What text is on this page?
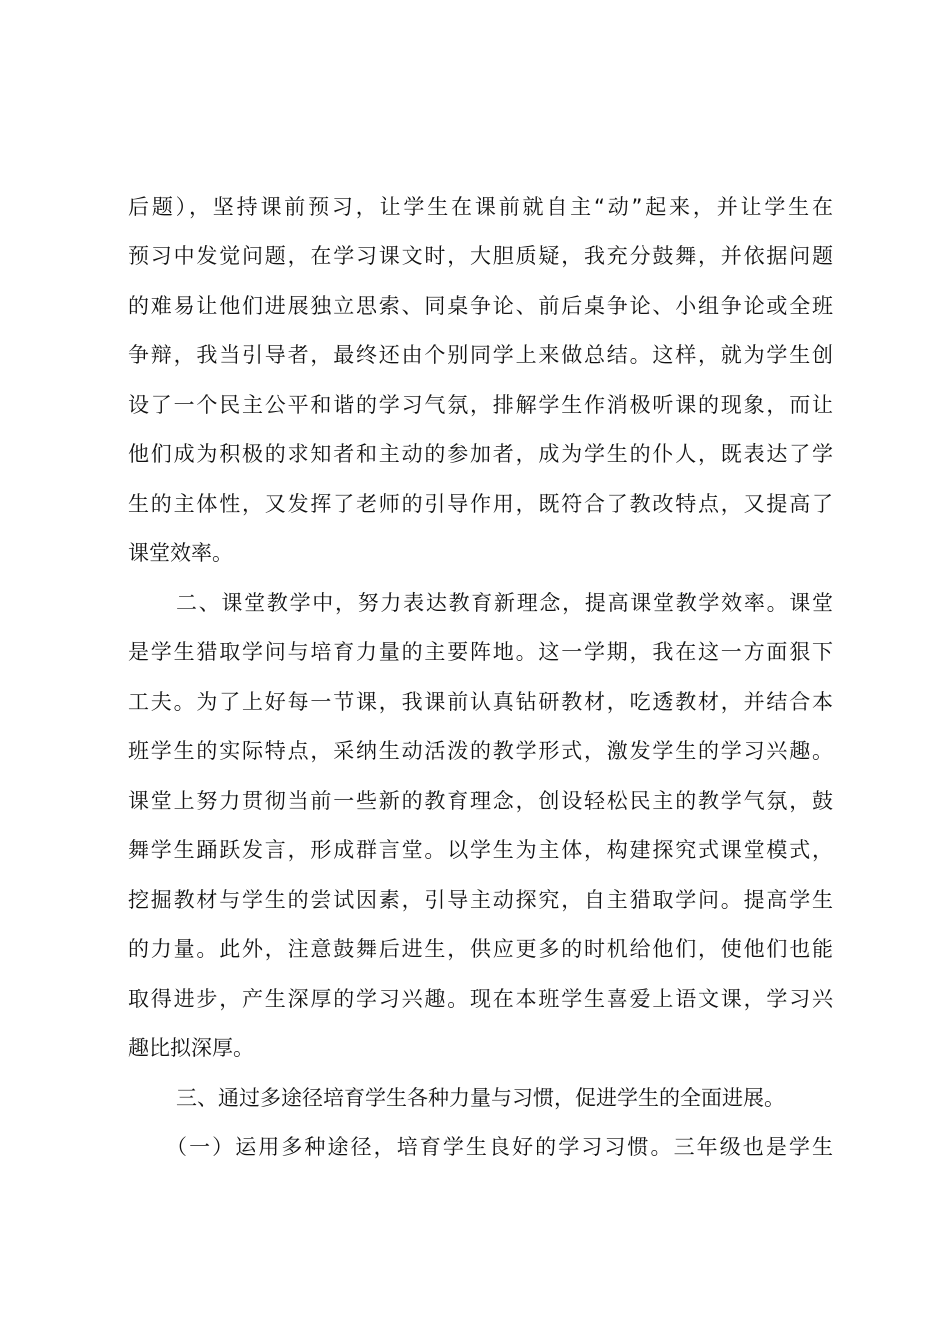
后题），坚持课前预习，让学生在课前就自主“动”起来，并让学生在
预习中发觉问题，在学习课文时，大胆质疑，我充分鼓舞，并依据问题
的难易让他们进展独立思索、同桌争论、前后桌争论、小组争论或全班
争辩，我当引导者，最终还由个别同学上来做总结。这样，就为学生创
设了一个民主公平和谐的学习气氛，排解学生作消极听课的现象，而让
他们成为积极的求知者和主动的参加者，成为学生的仆人，既表达了学
生的主体性，又发挥了老师的引导作用，既符合了教改特点，又提高了
课堂效率。
二、课堂教学中，努力表达教育新理念，提高课堂教学效率。课堂
是学生猎取学问与培育力量的主要阵地。这一学期，我在这一方面狠下
工夫。为了上好每一节课，我课前认真钻研教材，吃透教材，并结合本
班学生的实际特点，采纳生动活泼的教学形式，激发学生的学习兴趣。
课堂上努力贯彻当前一些新的教育理念，创设轻松民主的教学气氛，鼓
舞学生踊跃发言，形成群言堂。以学生为主体，构建探究式课堂模式，
挖掘教材与学生的尝试因素，引导主动探究，自主猎取学问。提高学生
的力量。此外，注意鼓舞后进生，供应更多的时机给他们，使他们也能
取得进步，产生深厚的学习兴趣。现在本班学生喜爱上语文课，学习兴
趣比拟深厚。
三、通过多途径培育学生各种力量与习惯，促进学生的全面进展。
（一）运用多种途径，培育学生良好的学习习惯。三年级也是学生
